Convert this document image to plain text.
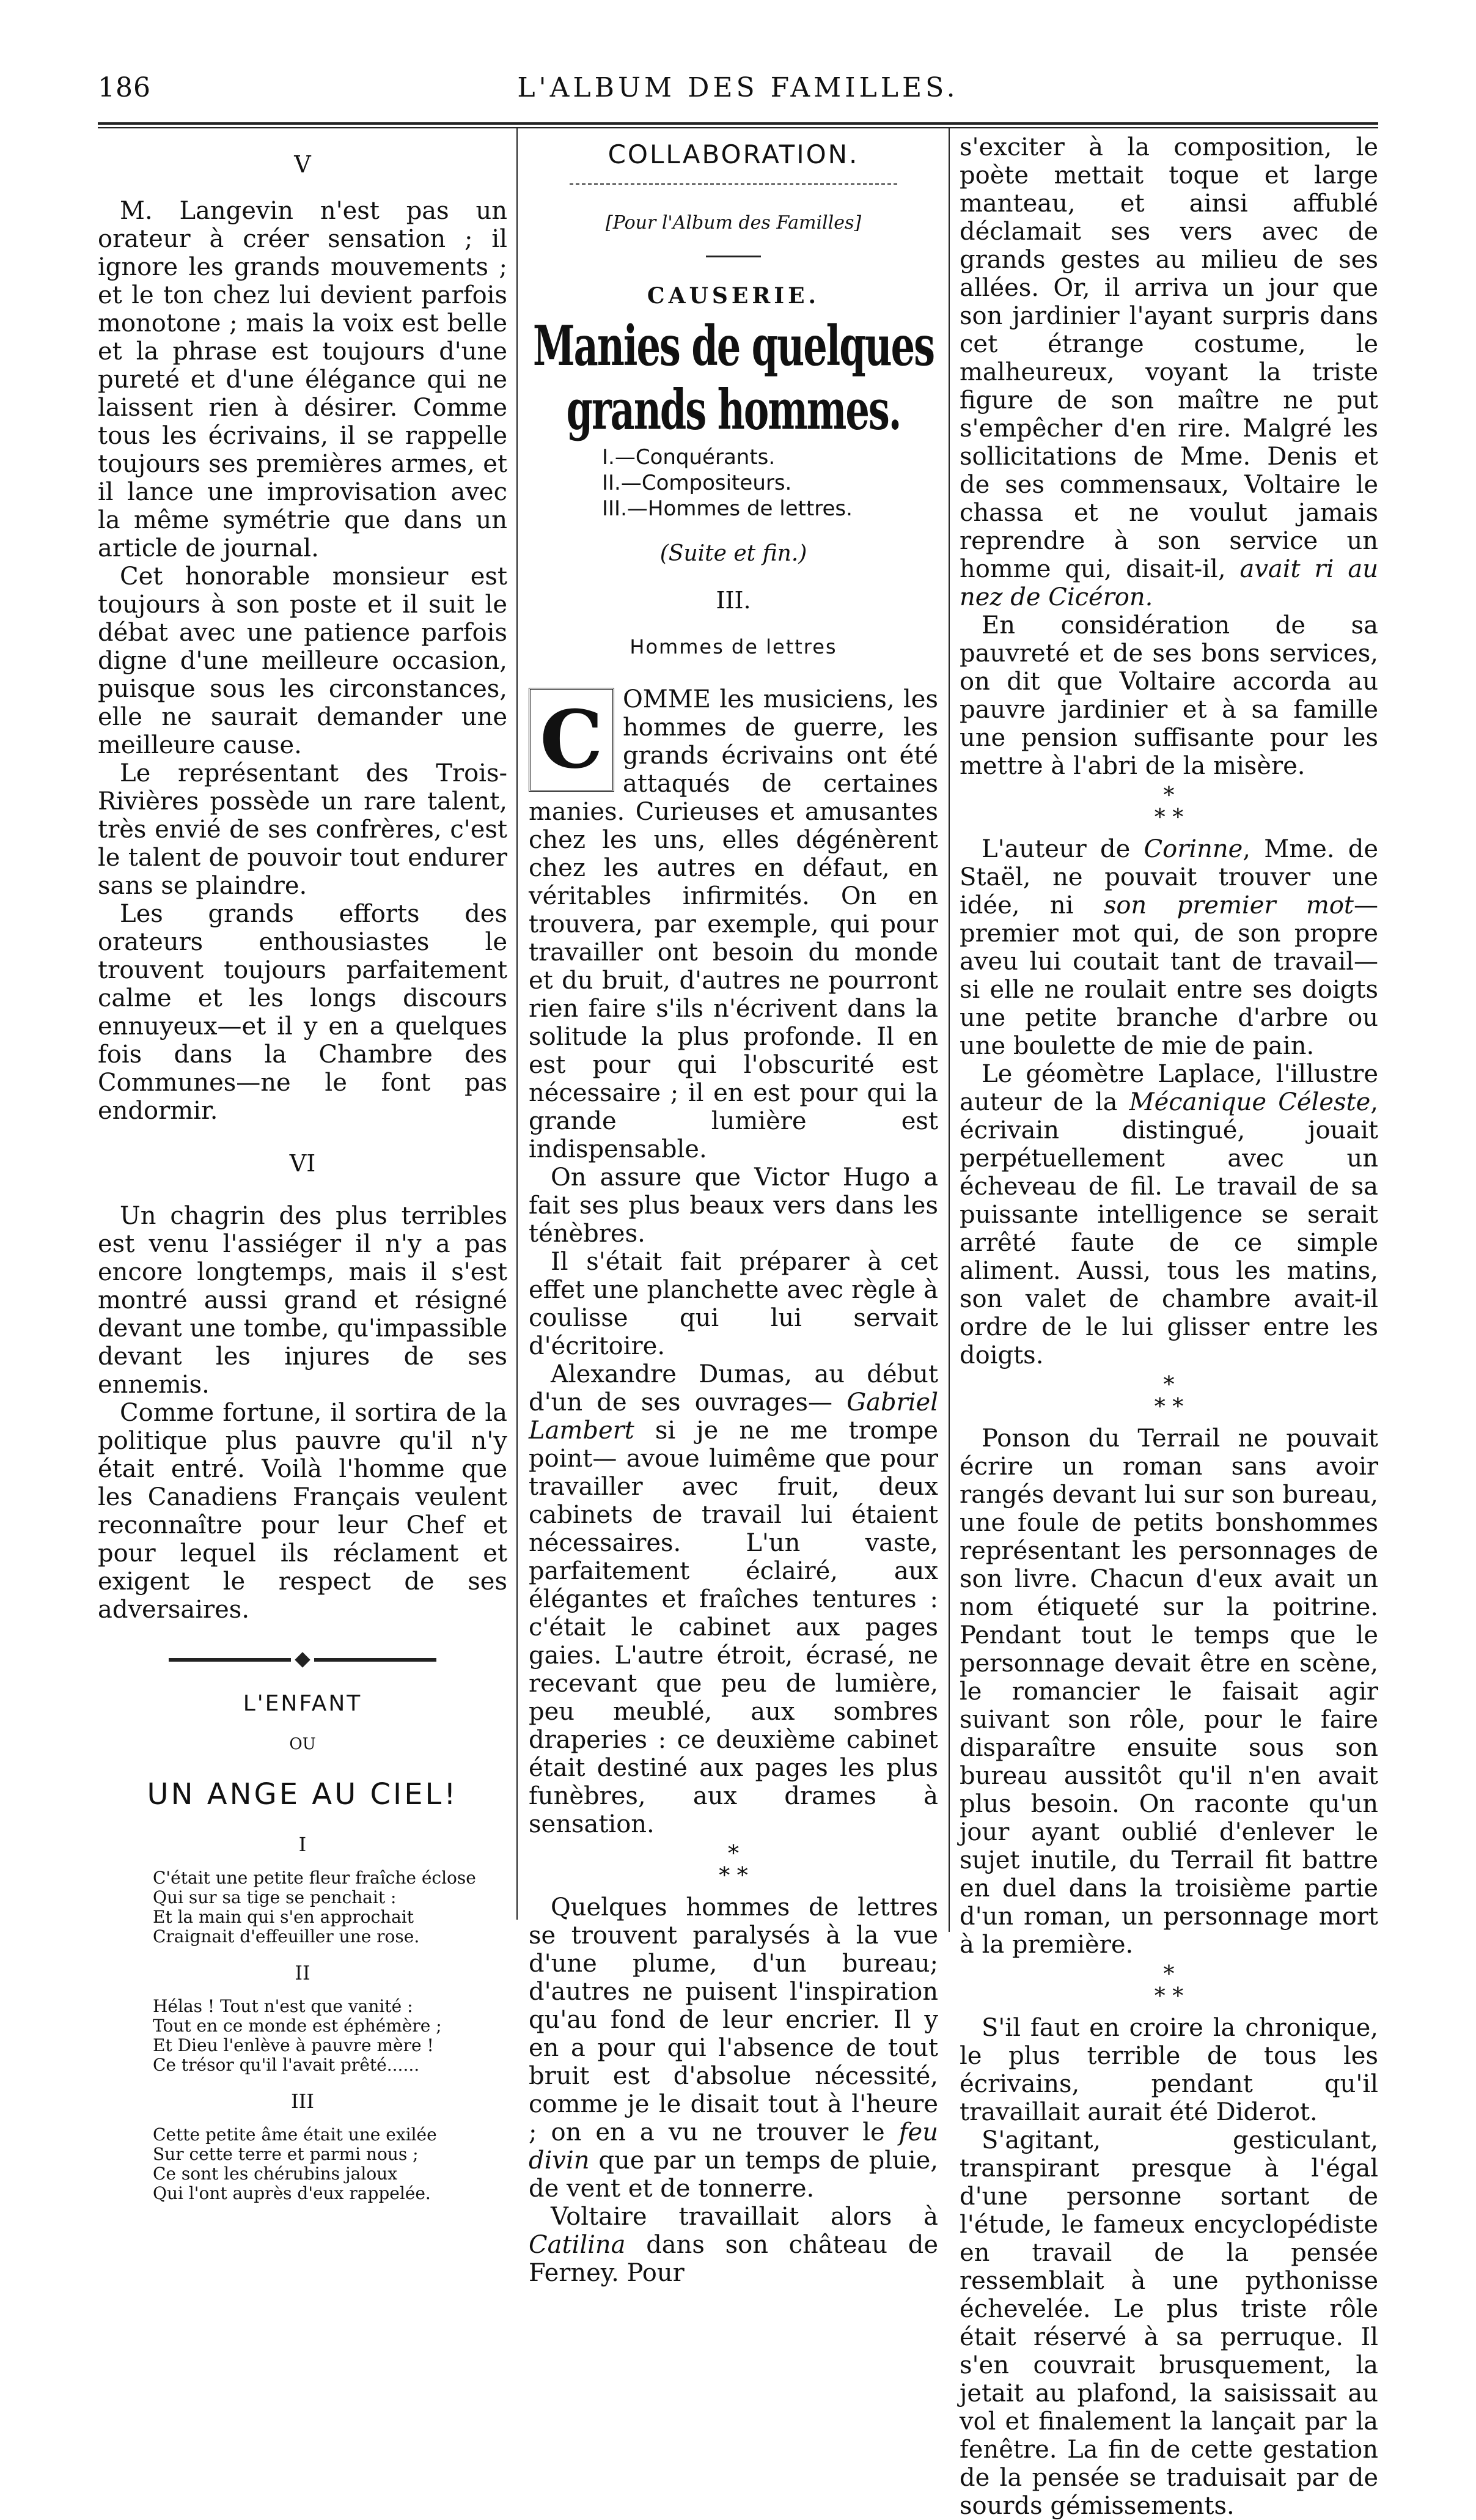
186	L'ALBUM DES FAMILLES.
V

M. Langevin n'est pas un orateur à créer sensation ; il ignore les grands mouvements ; et le ton chez lui devient parfois monotone ; mais la voix est belle et la phrase est toujours d'une pureté et d'une élégance qui ne laissent rien à désirer. Comme tous les écrivains, il se rappelle toujours ses premières armes, et il lance une improvisation avec la même symétrie que dans un article de journal.

Cet honorable monsieur est toujours à son poste et il suit le débat avec une patience parfois digne d'une meilleure occasion, puisque sous les circonstances, elle ne saurait demander une meilleure cause.

Le représentant des Trois-Rivières possède un rare talent, très envié de ses confrères, c'est le talent de pouvoir tout endurer sans se plaindre.

Les grands efforts des orateurs enthousiastes le trouvent toujours parfaitement calme et les longs discours ennuyeux—et il y en a quelques fois dans la Chambre des Communes—ne le font pas endormir.

VI

Un chagrin des plus terribles est venu l'assiéger il n'y a pas encore longtemps, mais il s'est montré aussi grand et résigné devant une tombe, qu'impassible devant les injures de ses ennemis.

Comme fortune, il sortira de la politique plus pauvre qu'il n'y était entré. Voilà l'homme que les Canadiens Français veulent reconnaître pour leur Chef et pour lequel ils réclament et exigent le respect de ses adversaires.

L'ENFANT
OU
UN ANGE AU CIEL!
I
C'était une petite fleur fraîche éclose
Qui sur sa tige se penchait :
Et la main qui s'en approchait
Craignait d'effeuiller une rose.
II
Hélas ! Tout n'est que vanité :
Tout en ce monde est éphémère ;
Et Dieu l'enlève à pauvre mère !
Ce trésor qu'il l'avait prêté......
III
Cette petite âme était une exilée
Sur cette terre et parmi nous ;
Ce sont les chérubins jaloux
Qui l'ont auprès d'eux rappelée.
COLLABORATION.
[Pour l'Album des Familles]
CAUSERIE.
Manies de quelques grands hommes.
I.—Conquérants.
II.—Compositeurs.
III.—Hommes de lettres.
(Suite et fin.)
III.
Hommes de lettres

C OMME les musiciens, les hommes de guerre, les grands écrivains ont été attaqués de certaines manies. Curieuses et amusantes chez les uns, elles dégénèrent chez les autres en défaut, en véritables infirmités. On en trouvera, par exemple, qui pour travailler ont besoin du monde et du bruit, d'autres ne pourront rien faire s'ils n'écrivent dans la solitude la plus profonde. Il en est pour qui l'obscurité est nécessaire ; il en est pour qui la grande lumière est indispensable.

On assure que Victor Hugo a fait ses plus beaux vers dans les ténèbres.

Il s'était fait préparer à cet effet une planchette avec règle à coulisse qui lui servait d'écritoire.

Alexandre Dumas, au début d'un de ses ouvrages— Gabriel Lambert si je ne me trompe point— avoue luimême que pour travailler avec fruit, deux cabinets de travail lui étaient nécessaires. L'un vaste, parfaitement éclairé, aux élégantes et fraîches tentures : c'était le cabinet aux pages gaies. L'autre étroit, écrasé, ne recevant que peu de lumière, peu meublé, aux sombres draperies : ce deuxième cabinet était destiné aux pages les plus funèbres, aux drames à sensation.

*
* *

Quelques hommes de lettres se trouvent paralysés à la vue d'une plume, d'un bureau; d'autres ne puisent l'inspiration qu'au fond de leur encrier. Il y en a pour qui l'absence de tout bruit est d'absolue nécessité, comme je le disait tout à l'heure ; on en a vu ne trouver le feu divin que par un temps de pluie, de vent et de tonnerre.

Voltaire travaillait alors à Catilina dans son château de Ferney. Pour

s'exciter à la composition, le poète mettait toque et large manteau, et ainsi affublé déclamait ses vers avec de grands gestes au milieu de ses allées. Or, il arriva un jour que son jardinier l'ayant surpris dans cet étrange costume, le malheureux, voyant la triste figure de son maître ne put s'empêcher d'en rire. Malgré les sollicitations de Mme. Denis et de ses commensaux, Voltaire le chassa et ne voulut jamais reprendre à son service un homme qui, disait-il, avait ri au nez de Cicéron.

En considération de sa pauvreté et de ses bons services, on dit que Voltaire accorda au pauvre jardinier et à sa famille une pension suffisante pour les mettre à l'abri de la misère.

*
* *

L'auteur de Corinne, Mme. de Staël, ne pouvait trouver une idée, ni son premier mot— premier mot qui, de son propre aveu lui coutait tant de travail— si elle ne roulait entre ses doigts une petite branche d'arbre ou une boulette de mie de pain.

Le géomètre Laplace, l'illustre auteur de la Mécanique Céleste, écrivain distingué, jouait perpétuellement avec un écheveau de fil. Le travail de sa puissante intelligence se serait arrêté faute de ce simple aliment. Aussi, tous les matins, son valet de chambre avait-il ordre de le lui glisser entre les doigts.

*
* *

Ponson du Terrail ne pouvait écrire un roman sans avoir rangés devant lui sur son bureau, une foule de petits bonshommes représentant les personnages de son livre. Chacun d'eux avait un nom étiqueté sur la poitrine. Pendant tout le temps que le personnage devait être en scène, le romancier le faisait agir suivant son rôle, pour le faire disparaître ensuite sous son bureau aussitôt qu'il n'en avait plus besoin. On raconte qu'un jour ayant oublié d'enlever le sujet inutile, du Terrail fit battre en duel dans la troisième partie d'un roman, un personnage mort à la première.

*
* *

S'il faut en croire la chronique, le plus terrible de tous les écrivains, pendant qu'il travaillait aurait été Diderot.

S'agitant, gesticulant, transpirant presque à l'égal d'une personne sortant de l'étude, le fameux encyclopédiste en travail de la pensée ressemblait à une pythonisse échevelée. Le plus triste rôle était réservé à sa perruque. Il s'en couvrait brusquement, la jetait au plafond, la saisissait au vol et finalement la lançait par la fenêtre. La fin de cette gestation de la pensée se traduisait par de sourds gémissements.
